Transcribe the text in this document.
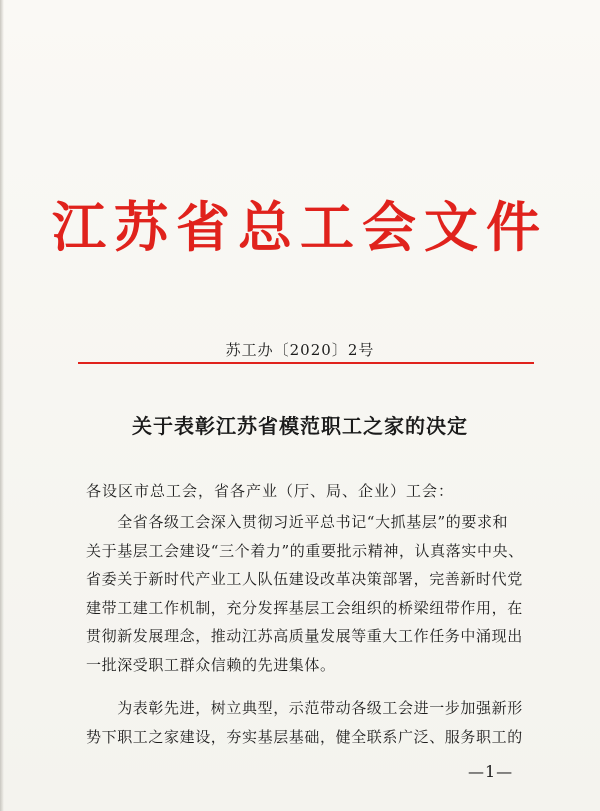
江苏省总工会文件
苏工办〔2020〕2号
关于表彰江苏省模范职工之家的决定
各设区市总工会，省各产业（厅、局、企业）工会：
　　全省各级工会深入贯彻习近平总书记“大抓基层”的要求和
关于基层工会建设“三个着力”的重要批示精神，认真落实中央、
省委关于新时代产业工人队伍建设改革决策部署，完善新时代党
建带工建工作机制，充分发挥基层工会组织的桥梁纽带作用，在
贯彻新发展理念，推动江苏高质量发展等重大工作任务中涌现出
一批深受职工群众信赖的先进集体。
　　为表彰先进，树立典型，示范带动各级工会进一步加强新形
势下职工之家建设，夯实基层基础，健全联系广泛、服务职工的
—1—
